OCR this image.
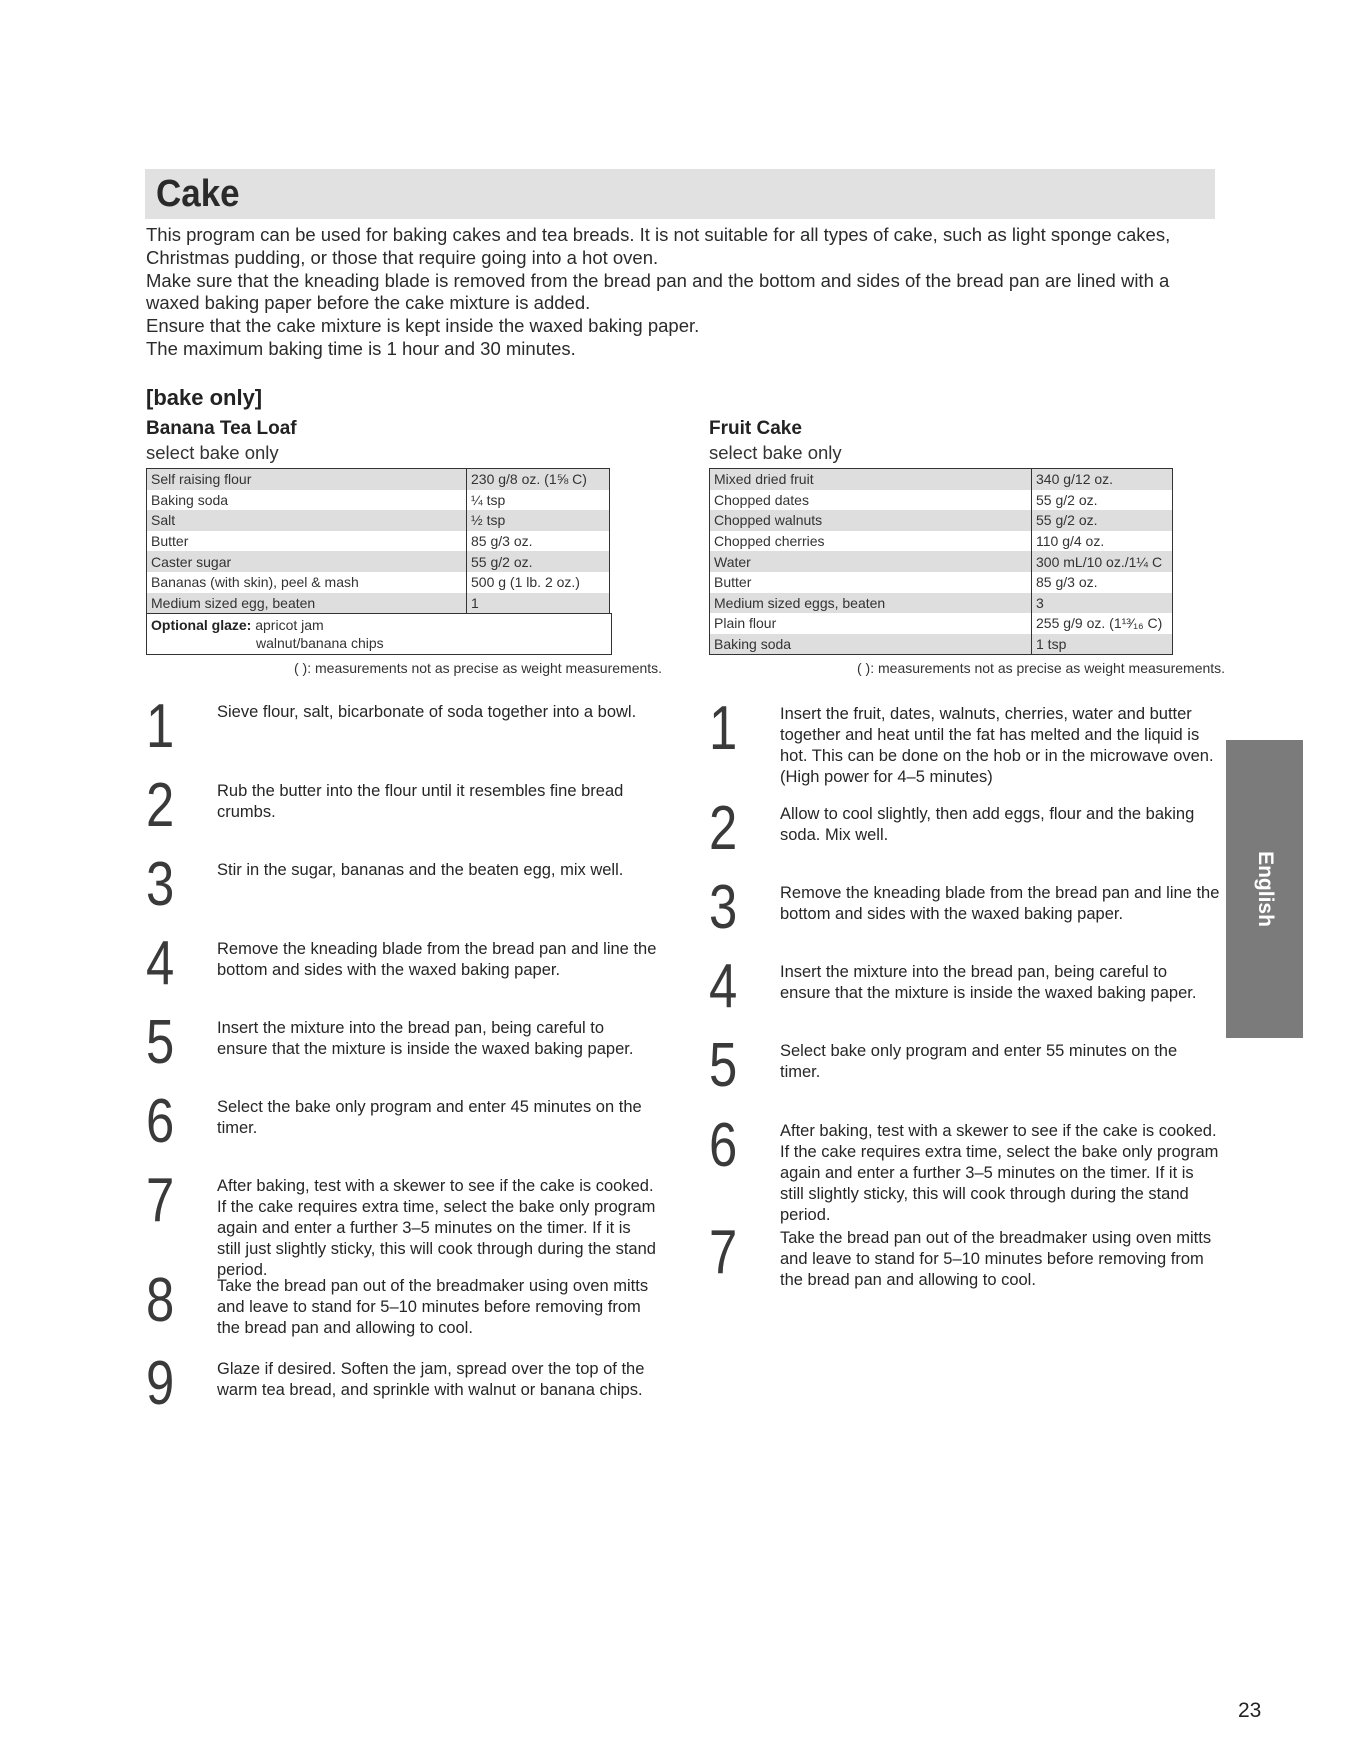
Cake

This program can be used for baking cakes and tea breads. It is not suitable for all types of cake, such as light sponge cakes, Christmas pudding, or those that require going into a hot oven.

Make sure that the kneading blade is removed from the bread pan and the bottom and sides of the bread pan are lined with a waxed baking paper before the cake mixture is added.

Ensure that the cake mixture is kept inside the waxed baking paper.

The maximum baking time is 1 hour and 30 minutes.

[bake only]
Banana Tea Loaf
select bake only
Self raising flour	230 g/8 oz. (1⅝ C)
Baking soda	¼ tsp
Salt	½ tsp
Butter	85 g/3 oz.
Caster sugar	55 g/2 oz.
Bananas (with skin), peel & mash	500 g (1 lb. 2 oz.)
Medium sized egg, beaten	1
Optional glaze: apricot jam
walnut/banana chips
( ): measurements not as precise as weight measurements.
Fruit Cake
select bake only
Mixed dried fruit	340 g/12 oz.
Chopped dates	55 g/2 oz.
Chopped walnuts	55 g/2 oz.
Chopped cherries	110 g/4 oz.
Water	300 mL/10 oz./1¼ C
Butter	85 g/3 oz.
Medium sized eggs, beaten	3
Plain flour	255 g/9 oz. (1¹³⁄₁₆ C)
Baking soda	1 tsp
( ): measurements not as precise as weight measurements.
1	Sieve flour, salt, bicarbonate of soda together into a bowl.
2	Rub the butter into the flour until it resembles fine bread crumbs.
3	Stir in the sugar, bananas and the beaten egg, mix well.
4	Remove the kneading blade from the bread pan and line the bottom and sides with the waxed baking paper.
5	Insert the mixture into the bread pan, being careful to ensure that the mixture is inside the waxed baking paper.
6	Select the bake only program and enter 45 minutes on the timer.
7	After baking, test with a skewer to see if the cake is cooked. If the cake requires extra time, select the bake only program again and enter a further 3–5 minutes on the timer. If it is still just slightly sticky, this will cook through during the stand period.
8	Take the bread pan out of the breadmaker using oven mitts and leave to stand for 5–10 minutes before removing from the bread pan and allowing to cool.
9	Glaze if desired. Soften the jam, spread over the top of the warm tea bread, and sprinkle with walnut or banana chips.
1	Insert the fruit, dates, walnuts, cherries, water and butter together and heat until the fat has melted and the liquid is hot. This can be done on the hob or in the microwave oven. (High power for 4–5 minutes)
2	Allow to cool slightly, then add eggs, flour and the baking soda. Mix well.
3	Remove the kneading blade from the bread pan and line the bottom and sides with the waxed baking paper.
4	Insert the mixture into the bread pan, being careful to ensure that the mixture is inside the waxed baking paper.
5	Select bake only program and enter 55 minutes on the timer.
6	After baking, test with a skewer to see if the cake is cooked. If the cake requires extra time, select the bake only program again and enter a further 3–5 minutes on the timer. If it is still slightly sticky, this will cook through during the stand period.
7	Take the bread pan out of the breadmaker using oven mitts and leave to stand for 5–10 minutes before removing from the bread pan and allowing to cool.
English
23
